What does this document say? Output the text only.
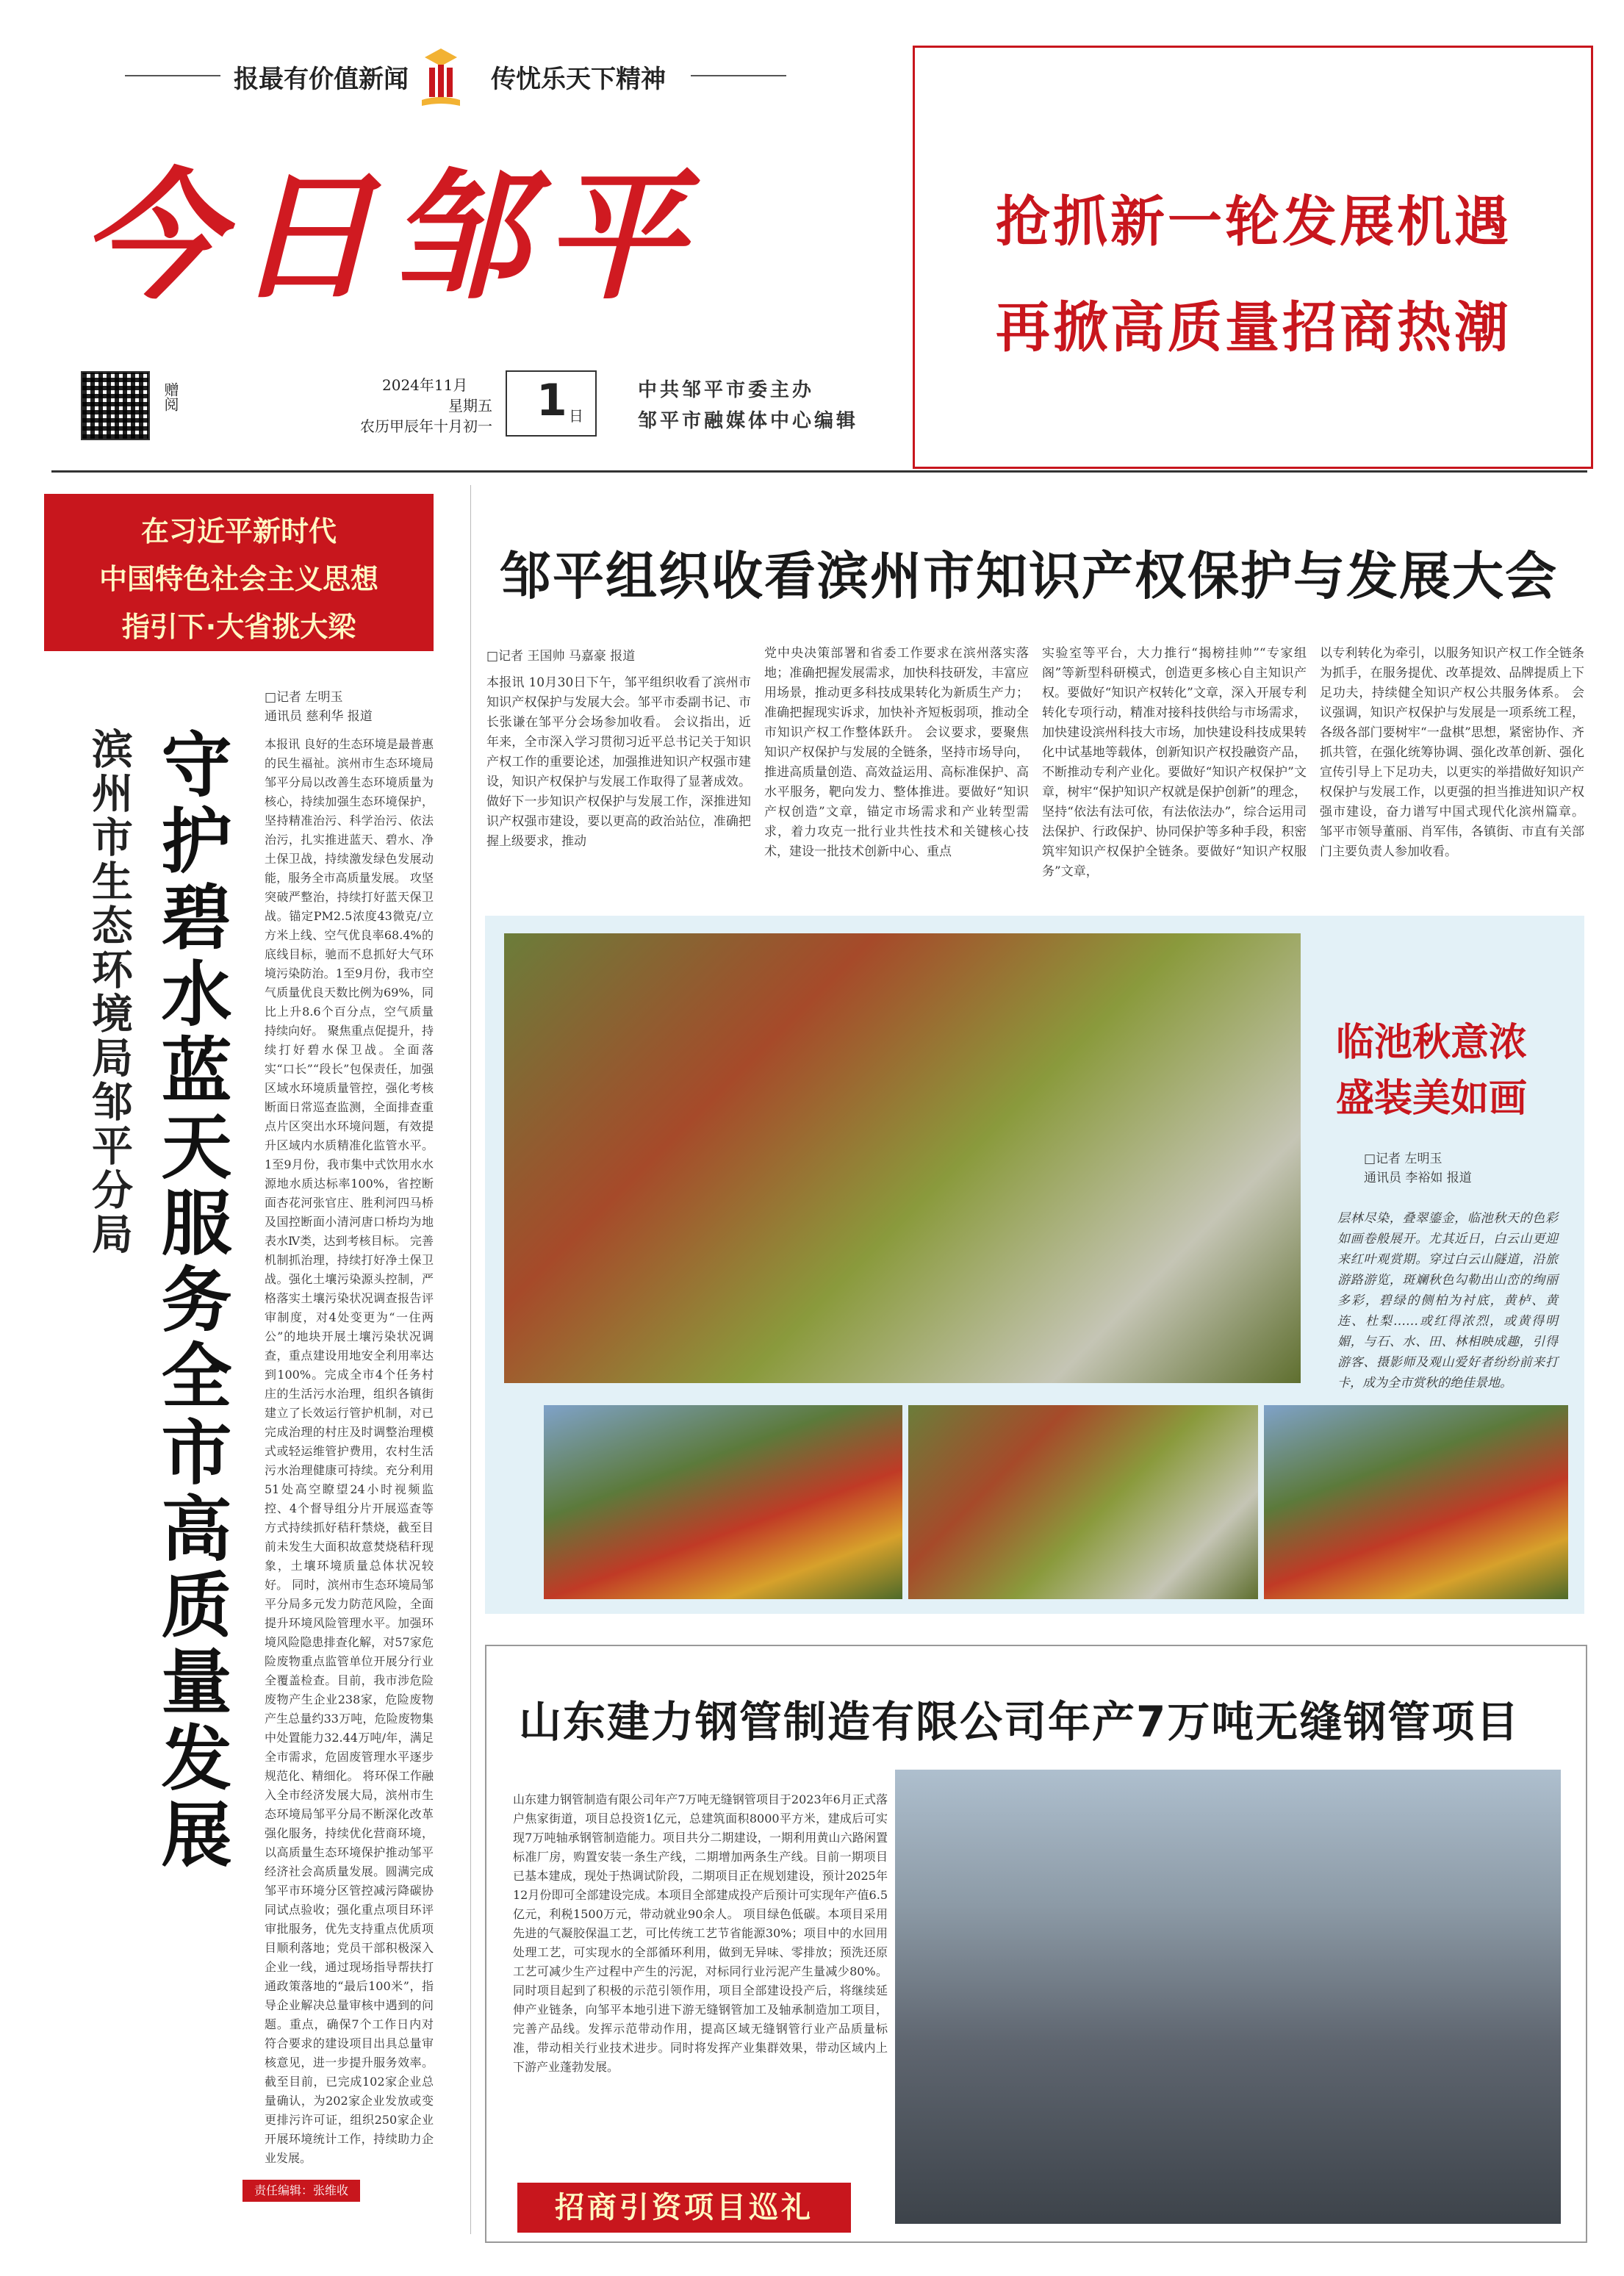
报最有价值新闻	传忧乐天下精神
今日邹平
赠阅	2024年11月
星期五
农历甲辰年十月初一 1 日
中共邹平市委主办
邹平市融媒体中心编辑
抢抓新一轮发展机遇
再掀高质量招商热潮
在习近平新时代
中国特色社会主义思想
指引下·大省挑大梁
滨州市生态环境局邹平分局 守护碧水蓝天服务全市高质量发展
□记者 左明玉
通讯员 慈利华 报道
本报讯 良好的生态环境是最普惠的民生福祉。滨州市生态环境局邹平分局以改善生态环境质量为核心，持续加强生态环境保护，坚持精准治污、科学治污、依法治污，扎实推进蓝天、碧水、净土保卫战，持续激发绿色发展动能，服务全市高质量发展。 攻坚突破严整治，持续打好蓝天保卫战。锚定PM2.5浓度43微克/立方米上线、空气优良率68.4%的底线目标，驰而不息抓好大气环境污染防治。1至9月份，我市空气质量优良天数比例为69%，同比上升8.6个百分点，空气质量持续向好。 聚焦重点促提升，持续打好碧水保卫战。全面落实“口长”“段长”包保责任，加强区域水环境质量管控，强化考核断面日常巡查监测，全面排查重点片区突出水环境问题，有效提升区域内水质精准化监管水平。1至9月份，我市集中式饮用水水源地水质达标率100%，省控断面杏花河张官庄、胜利河四马桥及国控断面小清河唐口桥均为地表水Ⅳ类，达到考核目标。 完善机制抓治理，持续打好净土保卫战。强化土壤污染源头控制，严格落实土壤污染状况调查报告评审制度，对4处变更为“一住两公”的地块开展土壤污染状况调查，重点建设用地安全利用率达到100%。完成全市4个任务村庄的生活污水治理，组织各镇街建立了长效运行管护机制，对已完成治理的村庄及时调整治理模式或轻运维管护费用，农村生活污水治理健康可持续。充分利用51处高空瞭望24小时视频监控、4个督导组分片开展巡查等方式持续抓好秸秆禁烧，截至目前未发生大面积故意焚烧秸秆现象，土壤环境质量总体状况较好。 同时，滨州市生态环境局邹平分局多元发力防范风险，全面提升环境风险管理水平。加强环境风险隐患排查化解，对57家危险废物重点监管单位开展分行业全覆盖检查。目前，我市涉危险废物产生企业238家，危险废物产生总量约33万吨，危险废物集中处置能力32.44万吨/年，满足全市需求，危固废管理水平逐步规范化、精细化。 将环保工作融入全市经济发展大局，滨州市生态环境局邹平分局不断深化改革强化服务，持续优化营商环境，以高质量生态环境保护推动邹平经济社会高质量发展。圆满完成邹平市环境分区管控减污降碳协同试点验收；强化重点项目环评审批服务，优先支持重点优质项目顺利落地；党员干部积极深入企业一线，通过现场指导帮扶打通政策落地的“最后100米”，指导企业解决总量审核中遇到的问题。重点，确保7个工作日内对符合要求的建设项目出具总量审核意见，进一步提升服务效率。截至目前，已完成102家企业总量确认，为202家企业发放或变更排污许可证，组织250家企业开展环境统计工作，持续助力企业发展。
责任编辑：张维收
邹平组织收看滨州市知识产权保护与发展大会
□记者 王国帅 马嘉豪 报道
本报讯 10月30日下午，邹平组织收看了滨州市知识产权保护与发展大会。邹平市委副书记、市长张谦在邹平分会场参加收看。 会议指出，近年来，全市深入学习贯彻习近平总书记关于知识产权工作的重要论述，加强推进知识产权强市建设，知识产权保护与发展工作取得了显著成效。做好下一步知识产权保护与发展工作，深推进知识产权强市建设，要以更高的政治站位，准确把握上级要求，推动
党中央决策部署和省委工作要求在滨州落实落地；准确把握发展需求，加快科技研发，丰富应用场景，推动更多科技成果转化为新质生产力；准确把握现实诉求，加快补齐短板弱项，推动全市知识产权工作整体跃升。 会议要求，要聚焦知识产权保护与发展的全链条，坚持市场导向，推进高质量创造、高效益运用、高标准保护、高水平服务，靶向发力、整体推进。要做好“知识产权创造”文章，锚定市场需求和产业转型需求，着力攻克一批行业共性技术和关键核心技术，建设一批技术创新中心、重点
实验室等平台，大力推行“揭榜挂帅”“专家组阁”等新型科研模式，创造更多核心自主知识产权。要做好“知识产权转化”文章，深入开展专利转化专项行动，精准对接科技供给与市场需求，加快建设滨州科技大市场，加快建设科技成果转化中试基地等载体，创新知识产权投融资产品，不断推动专利产业化。要做好“知识产权保护”文章，树牢“保护知识产权就是保护创新”的理念，坚持“依法有法可依，有法依法办”，综合运用司法保护、行政保护、协同保护等多种手段，积密筑牢知识产权保护全链条。要做好“知识产权服务”文章，
以专利转化为牵引，以服务知识产权工作全链条为抓手，在服务提优、改革提效、品牌提质上下足功夫，持续健全知识产权公共服务体系。 会议强调，知识产权保护与发展是一项系统工程，各级各部门要树牢“一盘棋”思想，紧密协作、齐抓共管，在强化统筹协调、强化改革创新、强化宣传引导上下足功夫，以更实的举措做好知识产权保护与发展工作，以更强的担当推进知识产权强市建设，奋力谱写中国式现代化滨州篇章。 邹平市领导董丽、肖军伟，各镇街、市直有关部门主要负责人参加收看。
临池秋意浓
盛装美如画
□记者 左明玉
通讯员 李裕如 报道
层林尽染，叠翠鎏金，临池秋天的色彩如画卷般展开。尤其近日，白云山更迎来红叶观赏期。穿过白云山隧道，沿旅游路游览，斑斓秋色勾勒出山峦的绚丽多彩，碧绿的侧柏为衬底，黄栌、黄连、杜梨……或红得浓烈，或黄得明媚，与石、水、田、林相映成趣，引得游客、摄影师及观山爱好者纷纷前来打卡，成为全市赏秋的绝佳景地。
山东建力钢管制造有限公司年产7万吨无缝钢管项目
山东建力钢管制造有限公司年产7万吨无缝钢管项目于2023年6月正式落户焦家街道，项目总投资1亿元，总建筑面积8000平方米，建成后可实现7万吨轴承钢管制造能力。项目共分二期建设，一期利用黄山六路闲置标准厂房，购置安装一条生产线，二期增加两条生产线。目前一期项目已基本建成，现处于热调试阶段，二期项目正在规划建设，预计2025年12月份即可全部建设完成。本项目全部建成投产后预计可实现年产值6.5亿元，利税1500万元，带动就业90余人。 项目绿色低碳。本项目采用先进的气凝胶保温工艺，可比传统工艺节省能源30%；项目中的水回用处理工艺，可实现水的全部循环利用，做到无异味、零排放；预洗还原工艺可减少生产过程中产生的污泥，对标同行业污泥产生量减少80%。同时项目起到了积极的示范引领作用，项目全部建设投产后，将继续延伸产业链条，向邹平本地引进下游无缝钢管加工及轴承制造加工项目，完善产品线。发挥示范带动作用，提高区域无缝钢管行业产品质量标准，带动相关行业技术进步。同时将发挥产业集群效果，带动区域内上下游产业蓬勃发展。
招商引资项目巡礼
